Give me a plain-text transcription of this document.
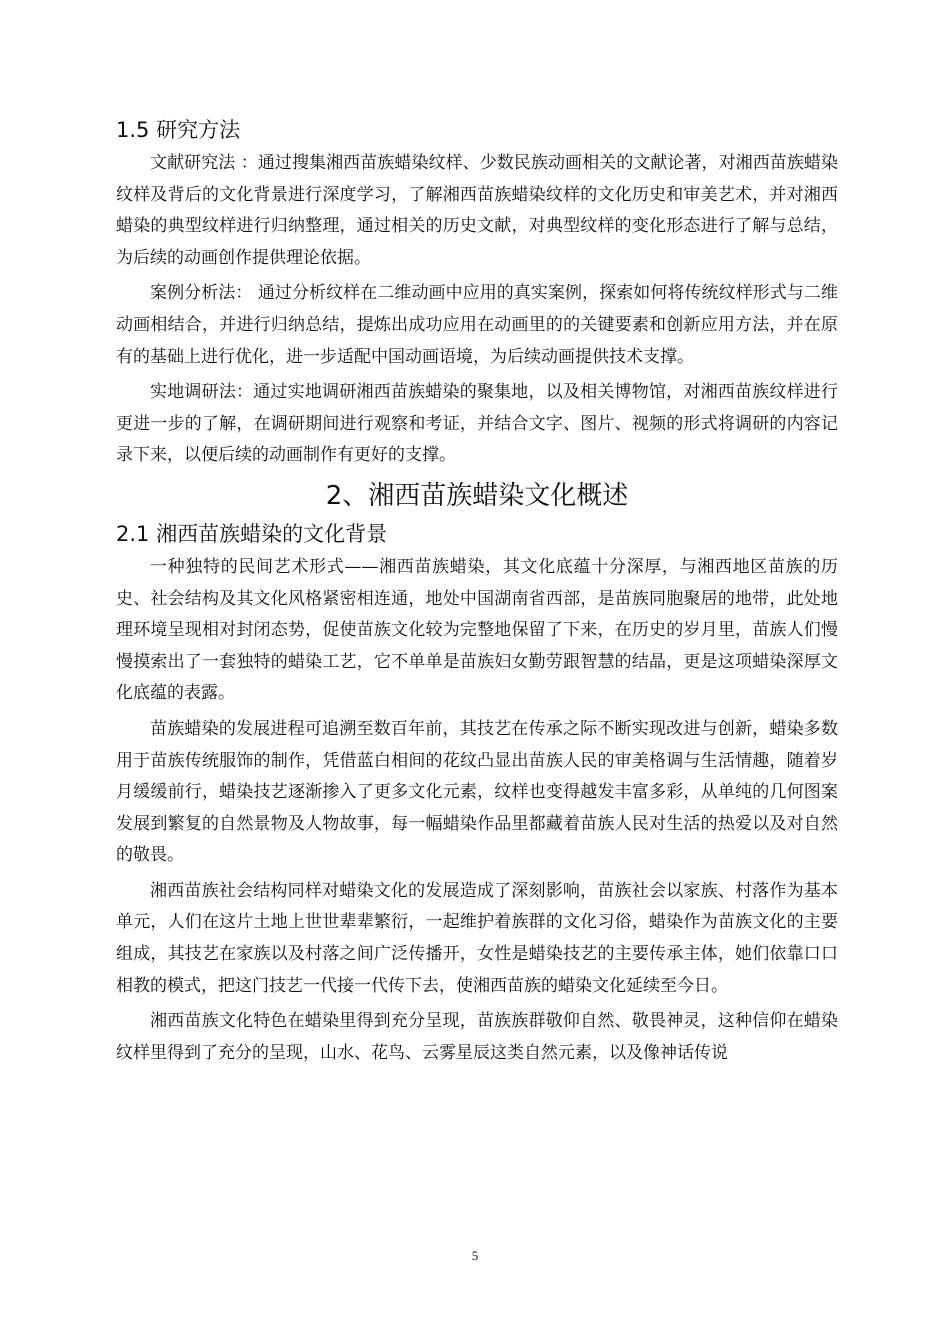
1.5 研究方法

文献研究法 ：通过搜集湘西苗族蜡染纹样、少数民族动画相关的文献论著，对湘西苗族蜡染纹样及背后的文化背景进行深度学习，了解湘西苗族蜡染纹样的文化历史和审美艺术，并对湘西蜡染的典型纹样进行归纳整理，通过相关的历史文献，对典型纹样的变化形态进行了解与总结，为后续的动画创作提供理论依据。

案例分析法： 通过分析纹样在二维动画中应用的真实案例，探索如何将传统纹样形式与二维动画相结合，并进行归纳总结，提炼出成功应用在动画里的的关键要素和创新应用方法，并在原有的基础上进行优化，进一步适配中国动画语境，为后续动画提供技术支撑。

实地调研法：通过实地调研湘西苗族蜡染的聚集地，以及相关博物馆，对湘西苗族纹样进行更进一步的了解，在调研期间进行观察和考证，并结合文字、图片、视频的形式将调研的内容记录下来，以便后续的动画制作有更好的支撑。

2、湘西苗族蜡染文化概述
2.1 湘西苗族蜡染的文化背景

一种独特的民间艺术形式——湘西苗族蜡染，其文化底蕴十分深厚，与湘西地区苗族的历史、社会结构及其文化风格紧密相连通，地处中国湖南省西部，是苗族同胞聚居的地带，此处地理环境呈现相对封闭态势，促使苗族文化较为完整地保留了下来，在历史的岁月里，苗族人们慢慢摸索出了一套独特的蜡染工艺，它不单单是苗族妇女勤劳跟智慧的结晶，更是这项蜡染深厚文化底蕴的表露。

苗族蜡染的发展进程可追溯至数百年前，其技艺在传承之际不断实现改进与创新，蜡染多数用于苗族传统服饰的制作，凭借蓝白相间的花纹凸显出苗族人民的审美格调与生活情趣，随着岁月缓缓前行，蜡染技艺逐渐掺入了更多文化元素，纹样也变得越发丰富多彩，从单纯的几何图案发展到繁复的自然景物及人物故事，每一幅蜡染作品里都藏着苗族人民对生活的热爱以及对自然的敬畏。

湘西苗族社会结构同样对蜡染文化的发展造成了深刻影响，苗族社会以家族、村落作为基本单元，人们在这片土地上世世辈辈繁衍，一起维护着族群的文化习俗，蜡染作为苗族文化的主要组成，其技艺在家族以及村落之间广泛传播开，女性是蜡染技艺的主要传承主体，她们依靠口口相教的模式，把这门技艺一代接一代传下去，使湘西苗族的蜡染文化延续至今日。

湘西苗族文化特色在蜡染里得到充分呈现，苗族族群敬仰自然、敬畏神灵，这种信仰在蜡染纹样里得到了充分的呈现，山水、花鸟、云雾星辰这类自然元素，以及像神话传说

5
